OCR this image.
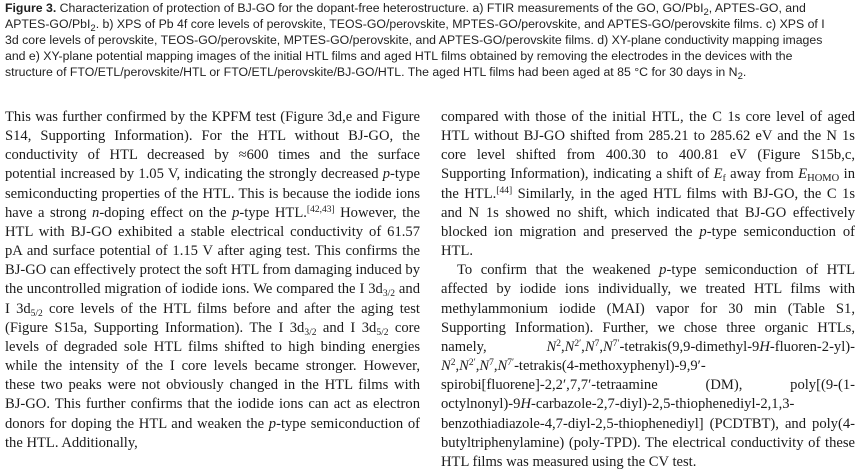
Figure 3. Characterization of protection of BJ-GO for the dopant-free heterostructure. a) FTIR measurements of the GO, GO/PbI$_2$, APTES-GO, and
APTES-GO/PbI$_2$. b) XPS of Pb 4f core levels of perovskite, TEOS-GO/perovskite, MPTES-GO/perovskite, and APTES-GO/perovskite films. c) XPS of I
3d core levels of perovskite, TEOS-GO/perovskite, MPTES-GO/perovskite, and APTES-GO/perovskite films. d) XY-plane conductivity mapping images
and e) XY-plane potential mapping images of the initial HTL films and aged HTL films obtained by removing the electrodes in the devices with the
structure of FTO/ETL/perovskite/HTL or FTO/ETL/perovskite/BJ-GO/HTL. The aged HTL films had been aged at 85 °C for 30 days in $N_2$.

This was further confirmed by the KPFM test (Figure 3d,e and Figure S14, Supporting Information). For the HTL without BJ-GO, the conductivity of HTL decreased by ≈600 times and the surface potential increased by 1.05 V, indicating the strongly decreased p-type semiconducting properties of the HTL. This is because the iodide ions have a strong n-doping effect on the p-type HTL.[42,43] However, the HTL with BJ-GO exhibited a stable electrical conductivity of 61.57 pA and surface potential of 1.15 V after aging test. This confirms the BJ-GO can effectively protect the soft HTL from damaging induced by the uncontrolled migration of iodide ions. We compared the I $3d_{3/2}$ and I $3d_{5/2}$ core levels of the HTL films before and after the aging test (Figure S15a, Supporting Information). The I $3d_{3/2}$ and I $3d_{5/2}$ core levels of degraded sole HTL films shifted to high binding energies while the intensity of the I core levels became stronger. However, these two peaks were not obviously changed in the HTL films with BJ-GO. This further confirms that the iodide ions can act as electron donors for doping the HTL and weaken the p-type semiconduction of the HTL. Additionally,

compared with those of the initial HTL, the C 1s core level of aged HTL without BJ-GO shifted from 285.21 to 285.62 eV and the N 1s core level shifted from 400.30 to 400.81 eV (Figure S15b,c, Supporting Information), indicating a shift of $E_f$ away from $E_{HOMO}$ in the HTL.[44] Similarly, in the aged HTL films with BJ-GO, the C 1s and N 1s showed no shift, which indicated that BJ-GO effectively blocked ion migration and preserved the p-type semiconduction of HTL.

To confirm that the weakened p-type semiconduction of HTL affected by iodide ions individually, we treated HTL films with methylammonium iodide (MAI) vapor for 30 min (Table S1, Supporting Information). Further, we chose three organic HTLs, namely, $N^2,N^{2'},N^7,N^{7'}-tetrakis(9,9-dimethyl-9H-fluoren-2-yl)-N^2,N^{2'},N^7,N^{7'}-tetrakis(4-methoxyphenyl)-9,9'-spirobi[fluorene]-2,2',7,7$′-tetraamine (DM), poly[(9-(1-octylnonyl)-9H-carbazole-2,7-diyl)-2,5-thiophenediyl-2,1,3-benzothiadiazole-4,7-diyl-2,5-thiophenediyl] (PCDTBT), and poly(4-butyltriphenylamine) (poly-TPD). The electrical conductivity of these HTL films was measured using the CV test.
